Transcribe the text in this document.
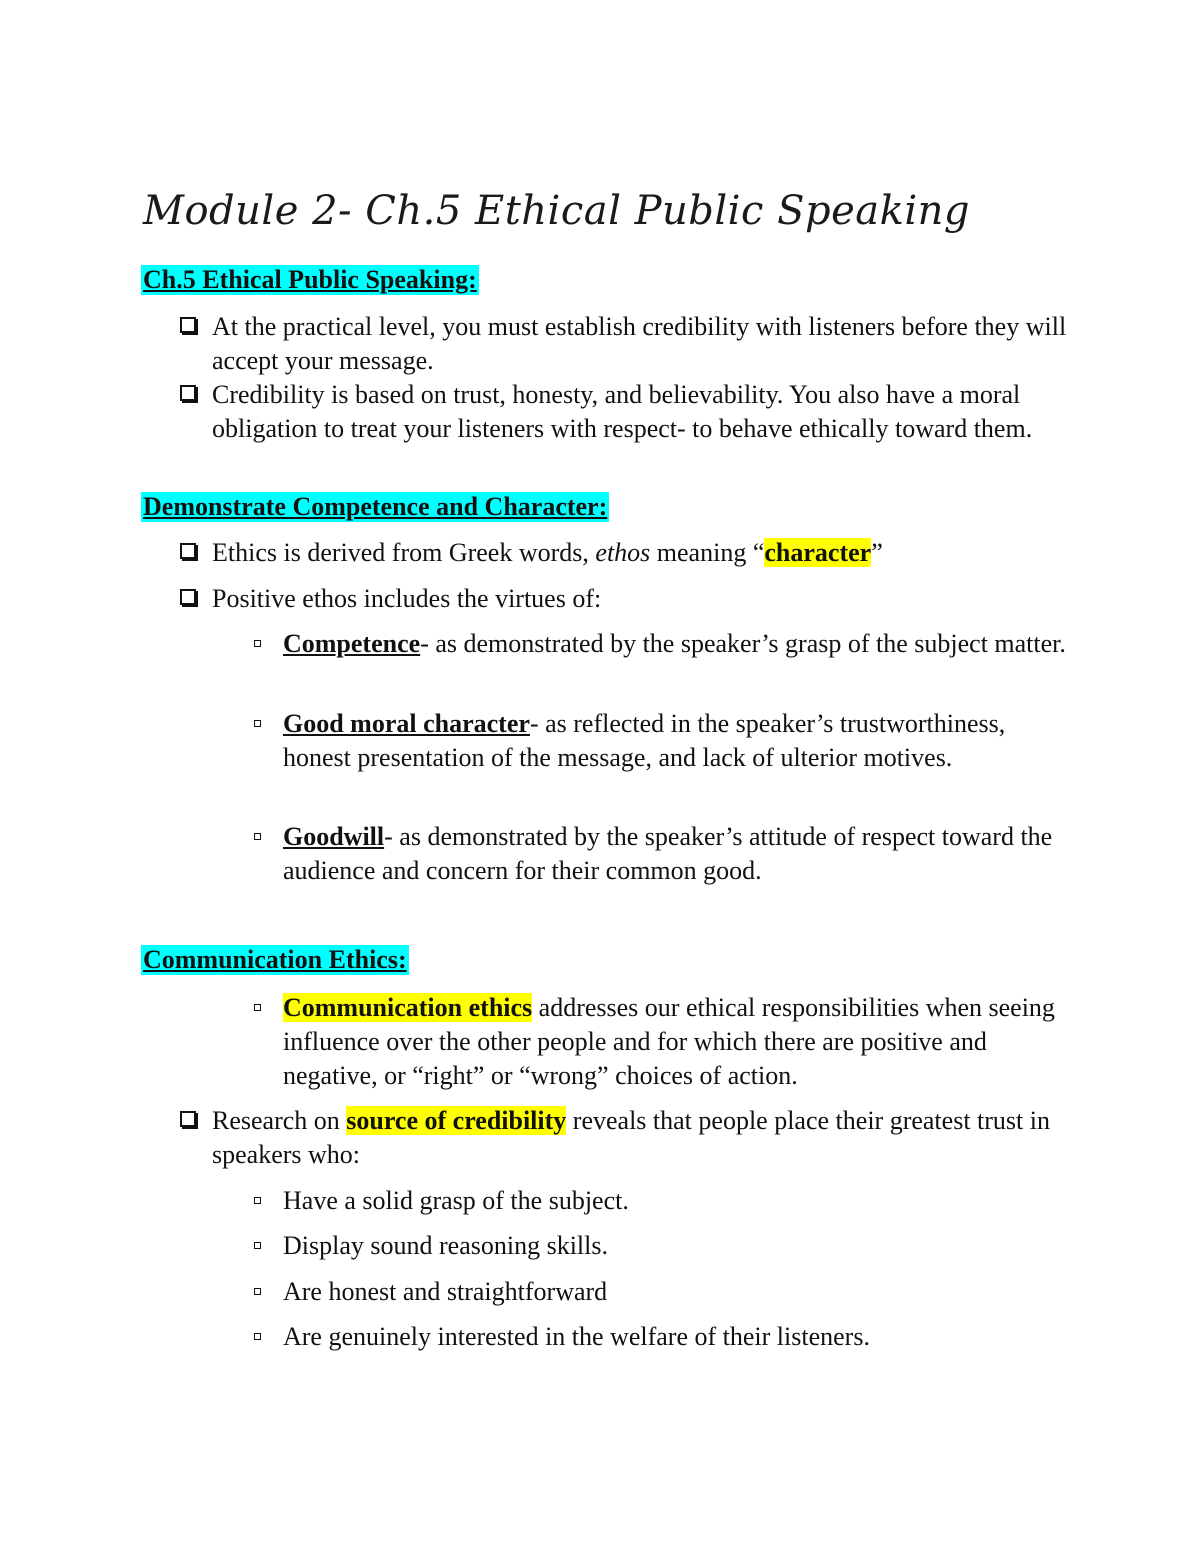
Module 2- Ch.5 Ethical Public Speaking
Ch.5 Ethical Public Speaking:
At the practical level, you must establish credibility with listeners before they will accept your message.
Credibility is based on trust, honesty, and believability. You also have a moral obligation to treat your listeners with respect- to behave ethically toward them.
Demonstrate Competence and Character:
Ethics is derived from Greek words, ethos meaning “character”
Positive ethos includes the virtues of:
Competence- as demonstrated by the speaker’s grasp of the subject matter.
Good moral character- as reflected in the speaker’s trustworthiness, honest presentation of the message, and lack of ulterior motives.
Goodwill- as demonstrated by the speaker’s attitude of respect toward the audience and concern for their common good.
Communication Ethics:
Communication ethics addresses our ethical responsibilities when seeing influence over the other people and for which there are positive and negative, or “right” or “wrong” choices of action.
Research on source of credibility reveals that people place their greatest trust in speakers who:
Have a solid grasp of the subject.
Display sound reasoning skills.
Are honest and straightforward
Are genuinely interested in the welfare of their listeners.
